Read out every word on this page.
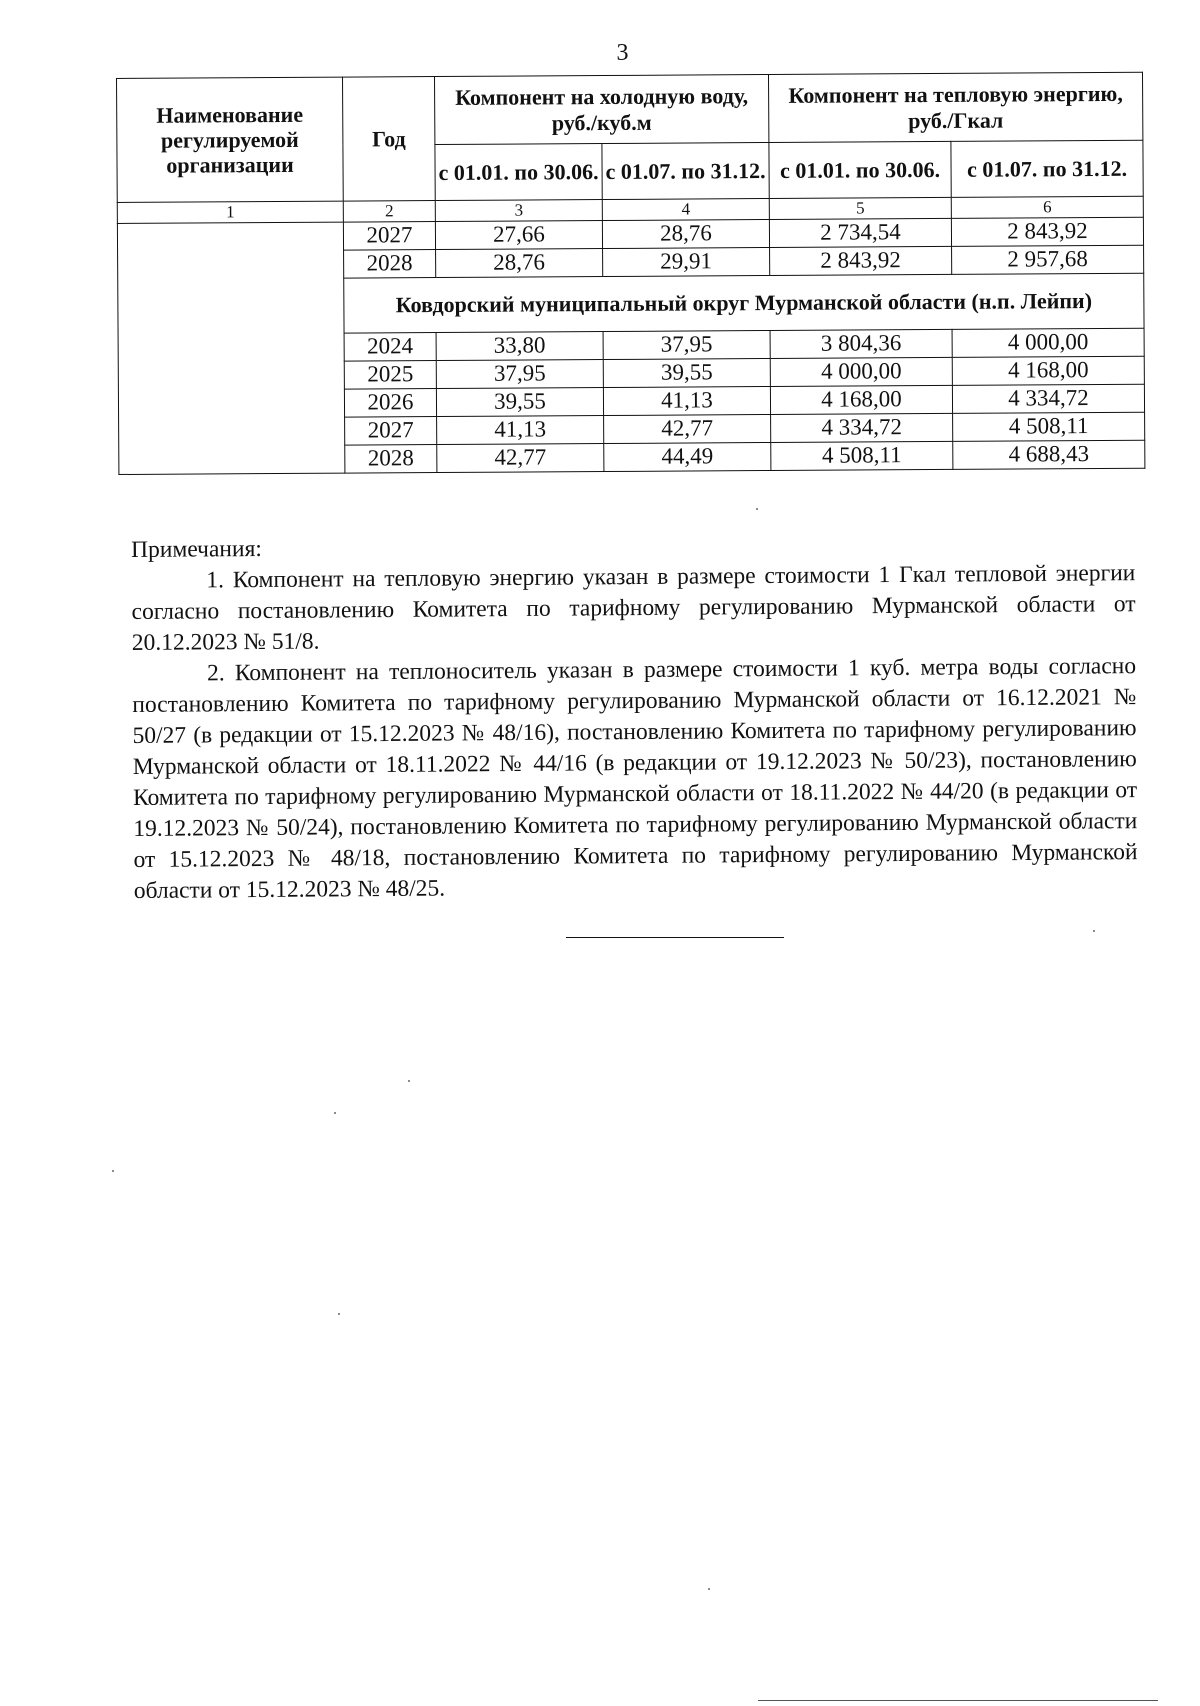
3
Наименование регулируемой организации	Год	Компонент на холодную воду, руб./куб.м		Компонент на тепловую энергию, руб./Гкал	
		с 01.01. по 30.06.	с 01.07. по 31.12.	с 01.01. по 30.06.	с 01.07. по 31.12.
1	2	3	4	5	6
	2027	27,66	28,76	2 734,54	2 843,92
	2028	28,76	29,91	2 843,92	2 957,68
	Ковдорский муниципальный округ Мурманской области (н.п. Лейпи)				
	2024	33,80	37,95	3 804,36	4 000,00
	2025	37,95	39,55	4 000,00	4 168,00
	2026	39,55	41,13	4 168,00	4 334,72
	2027	41,13	42,77	4 334,72	4 508,11
	2028	42,77	44,49	4 508,11	4 688,43

Примечания:

1. Компонент на тепловую энергию указан в размере стоимости 1 Гкал тепловой энергии согласно постановлению Комитета по тарифному регулированию Мурманской области от 20.12.2023 № 51/8.

2. Компонент на теплоноситель указан в размере стоимости 1 куб. метра воды согласно постановлению Комитета по тарифному регулированию Мурманской области от 16.12.2021 № 50/27 (в редакции от 15.12.2023 № 48/16), постановлению Комитета по тарифному регулированию Мурманской области от 18.11.2022 № 44/16 (в редакции от 19.12.2023 № 50/23), постановлению Комитета по тарифному регулированию Мурманской области от 18.11.2022 № 44/20 (в редакции от 19.12.2023 № 50/24), постановлению Комитета по тарифному регулированию Мурманской области от 15.12.2023 № 48/18, постановлению Комитета по тарифному регулированию Мурманской области от 15.12.2023 № 48/25.
